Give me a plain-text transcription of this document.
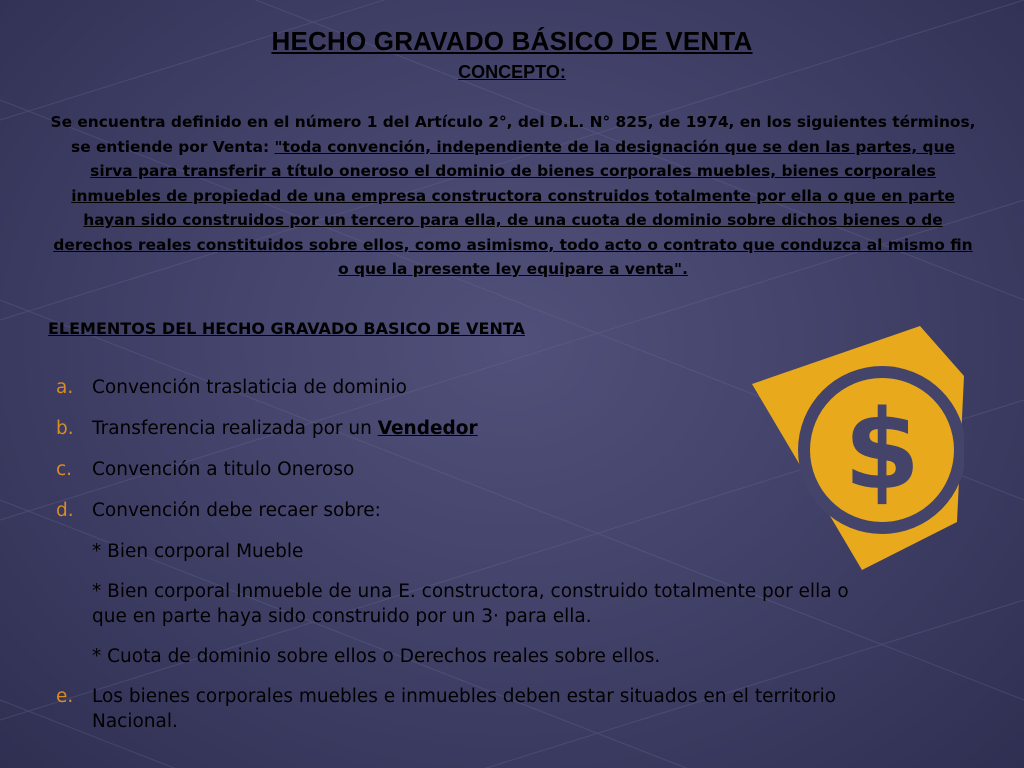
HECHO GRAVADO BÁSICO DE VENTA
CONCEPTO:
Se encuentra definido en el número 1 del Artículo 2°, del D.L. N° 825, de 1974, en los siguientes términos, se entiende por Venta: "toda convención, independiente de la designación que se den las partes, que sirva para transferir a título oneroso el dominio de bienes corporales muebles, bienes corporales inmuebles de propiedad de una empresa constructora construidos totalmente por ella o que en parte hayan sido construidos por un tercero para ella, de una cuota de dominio sobre dichos bienes o de derechos reales constituidos sobre ellos, como asimismo, todo acto o contrato que conduzca al mismo fin o que la presente ley equipare a venta".
ELEMENTOS DEL HECHO GRAVADO BASICO DE VENTA
a. Convención traslaticia de dominio
b. Transferencia realizada por un Vendedor
c. Convención a titulo Oneroso
d. Convención debe recaer sobre:
* Bien corporal Mueble
* Bien corporal Inmueble de una E. constructora, construido totalmente por ella o que en parte haya sido construido por un 3· para ella.
* Cuota de dominio sobre ellos o Derechos reales sobre ellos.
e. Los bienes corporales muebles e inmuebles deben estar situados en el territorio Nacional.
$
